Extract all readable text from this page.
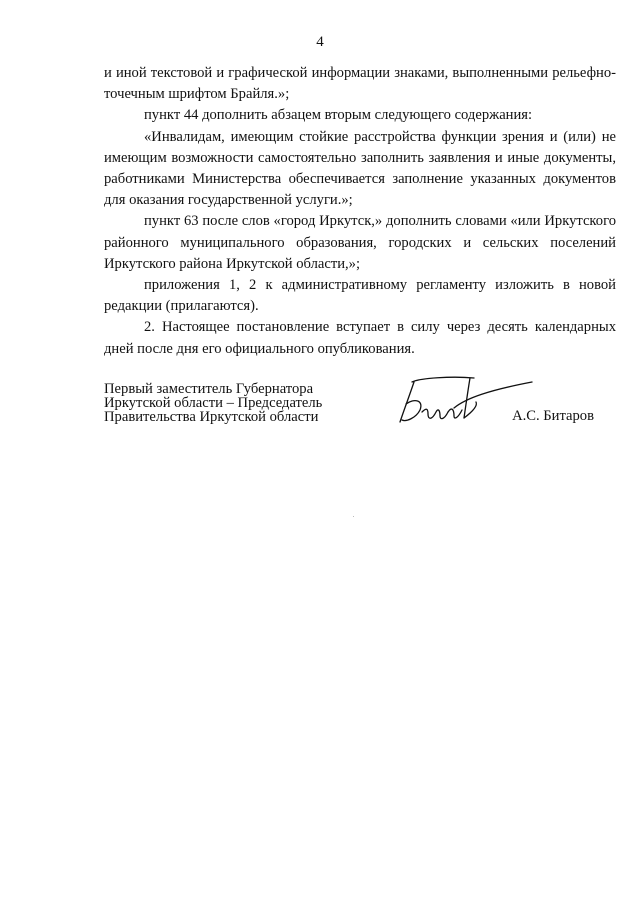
4

и иной текстовой и графической информации знаками, выполненными рельефно-точечным шрифтом Брайля.»;

пункт 44 дополнить абзацем вторым следующего содержания:

«Инвалидам, имеющим стойкие расстройства функции зрения и (или) не имеющим возможности самостоятельно заполнить заявления и иные документы, работниками Министерства обеспечивается заполнение указанных документов для оказания государственной услуги.»;

пункт 63 после слов «город Иркутск,» дополнить словами «или Иркутского районного муниципального образования, городских и сельских поселений Иркутского района Иркутской области,»;

приложения 1, 2 к административному регламенту изложить в новой редакции (прилагаются).

2. Настоящее постановление вступает в силу через десять календарных дней после дня его официального опубликования.

Первый заместитель Губернатора
Иркутской области – Председатель
Правительства Иркутской области	А.С. Битаров
